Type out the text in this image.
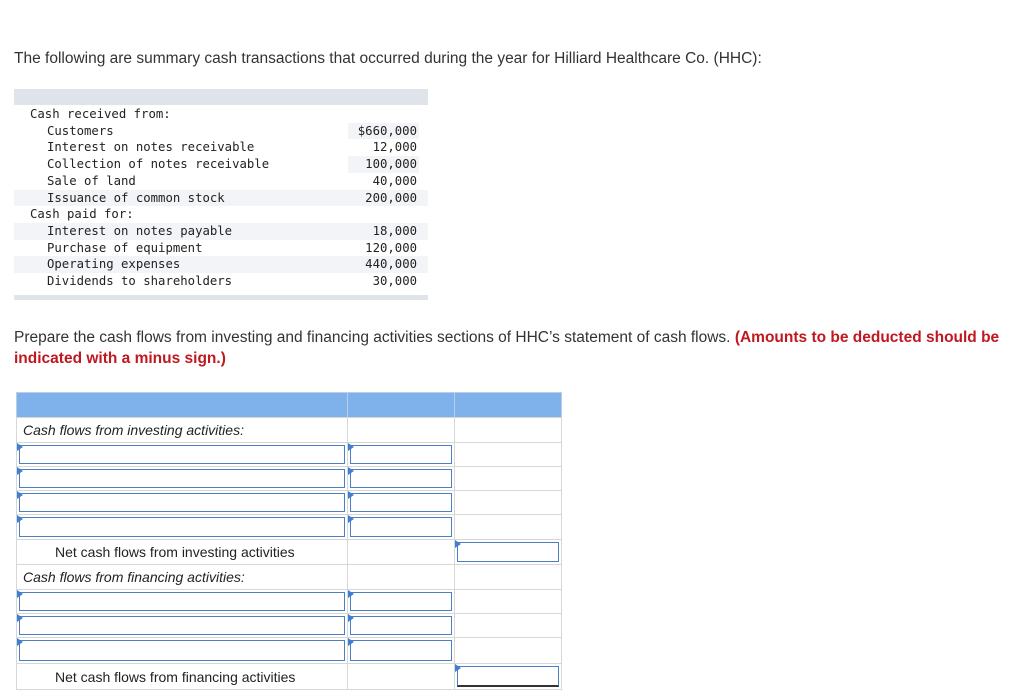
The following are summary cash transactions that occurred during the year for Hilliard Healthcare Co. (HHC):
Cash received from:
Customers	$660,000
Interest on notes receivable	12,000
Collection of notes receivable	100,000
Sale of land	40,000
Issuance of common stock	200,000
Cash paid for:
Interest on notes payable	18,000
Purchase of equipment	120,000
Operating expenses	440,000
Dividends to shareholders	30,000
Prepare the cash flows from investing and financing activities sections of HHC’s statement of cash flows. (Amounts to be deducted should be indicated with a minus sign.)
Cash flows from investing activities:
Net cash flows from investing activities
Cash flows from financing activities:
Net cash flows from financing activities
